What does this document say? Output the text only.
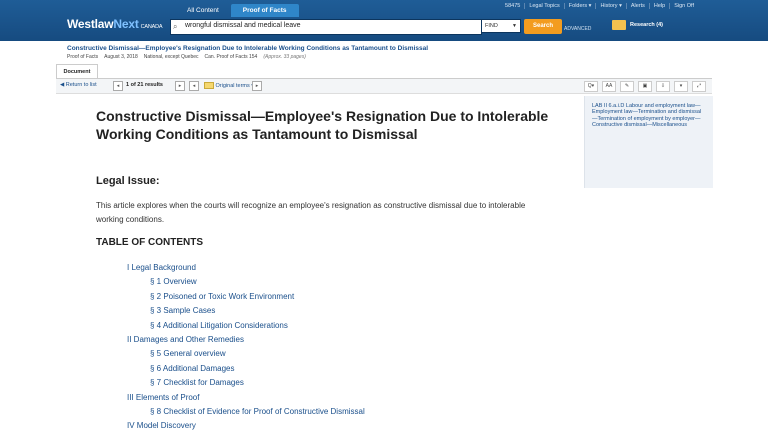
All Content	Proof of Facts
58475	Legal Topics	Folders ▾	History ▾	Alerts	Help	Sign Off
WestlawNext CANADA ⌕ wrongful dismissal and medical leave	FIND	▼	Search	ADVANCED
Research (4)
Constructive Dismissal—Employee's Resignation Due to Intolerable Working Conditions as Tantamount to Dismissal
Proof of Facts August 3, 2018 National, except Quebec Can. Proof of Facts 154 (Approx. 33 pages)
Document
◀ Return to list	◂	1 of 21 results	▸	◂	Original terms	▸	Q▾	AA	✎	▣	⇩	▾	⤢
LAB II 6.a.i.D Labour and employment law—Employment law—Termination and dismissal—Termination of employment by employer—Constructive dismissal—Miscellaneous
Constructive Dismissal—Employee's Resignation Due to Intolerable Working Conditions as Tantamount to Dismissal
Legal Issue:
This article explores when the courts will recognize an employee's resignation as constructive dismissal due to intolerable working conditions.
TABLE OF CONTENTS
I Legal Background
§ 1 Overview
§ 2 Poisoned or Toxic Work Environment
§ 3 Sample Cases
§ 4 Additional Litigation Considerations
II Damages and Other Remedies
§ 5 General overview
§ 6 Additional Damages
§ 7 Checklist for Damages
III Elements of Proof
§ 8 Checklist of Evidence for Proof of Constructive Dismissal
IV Model Discovery
